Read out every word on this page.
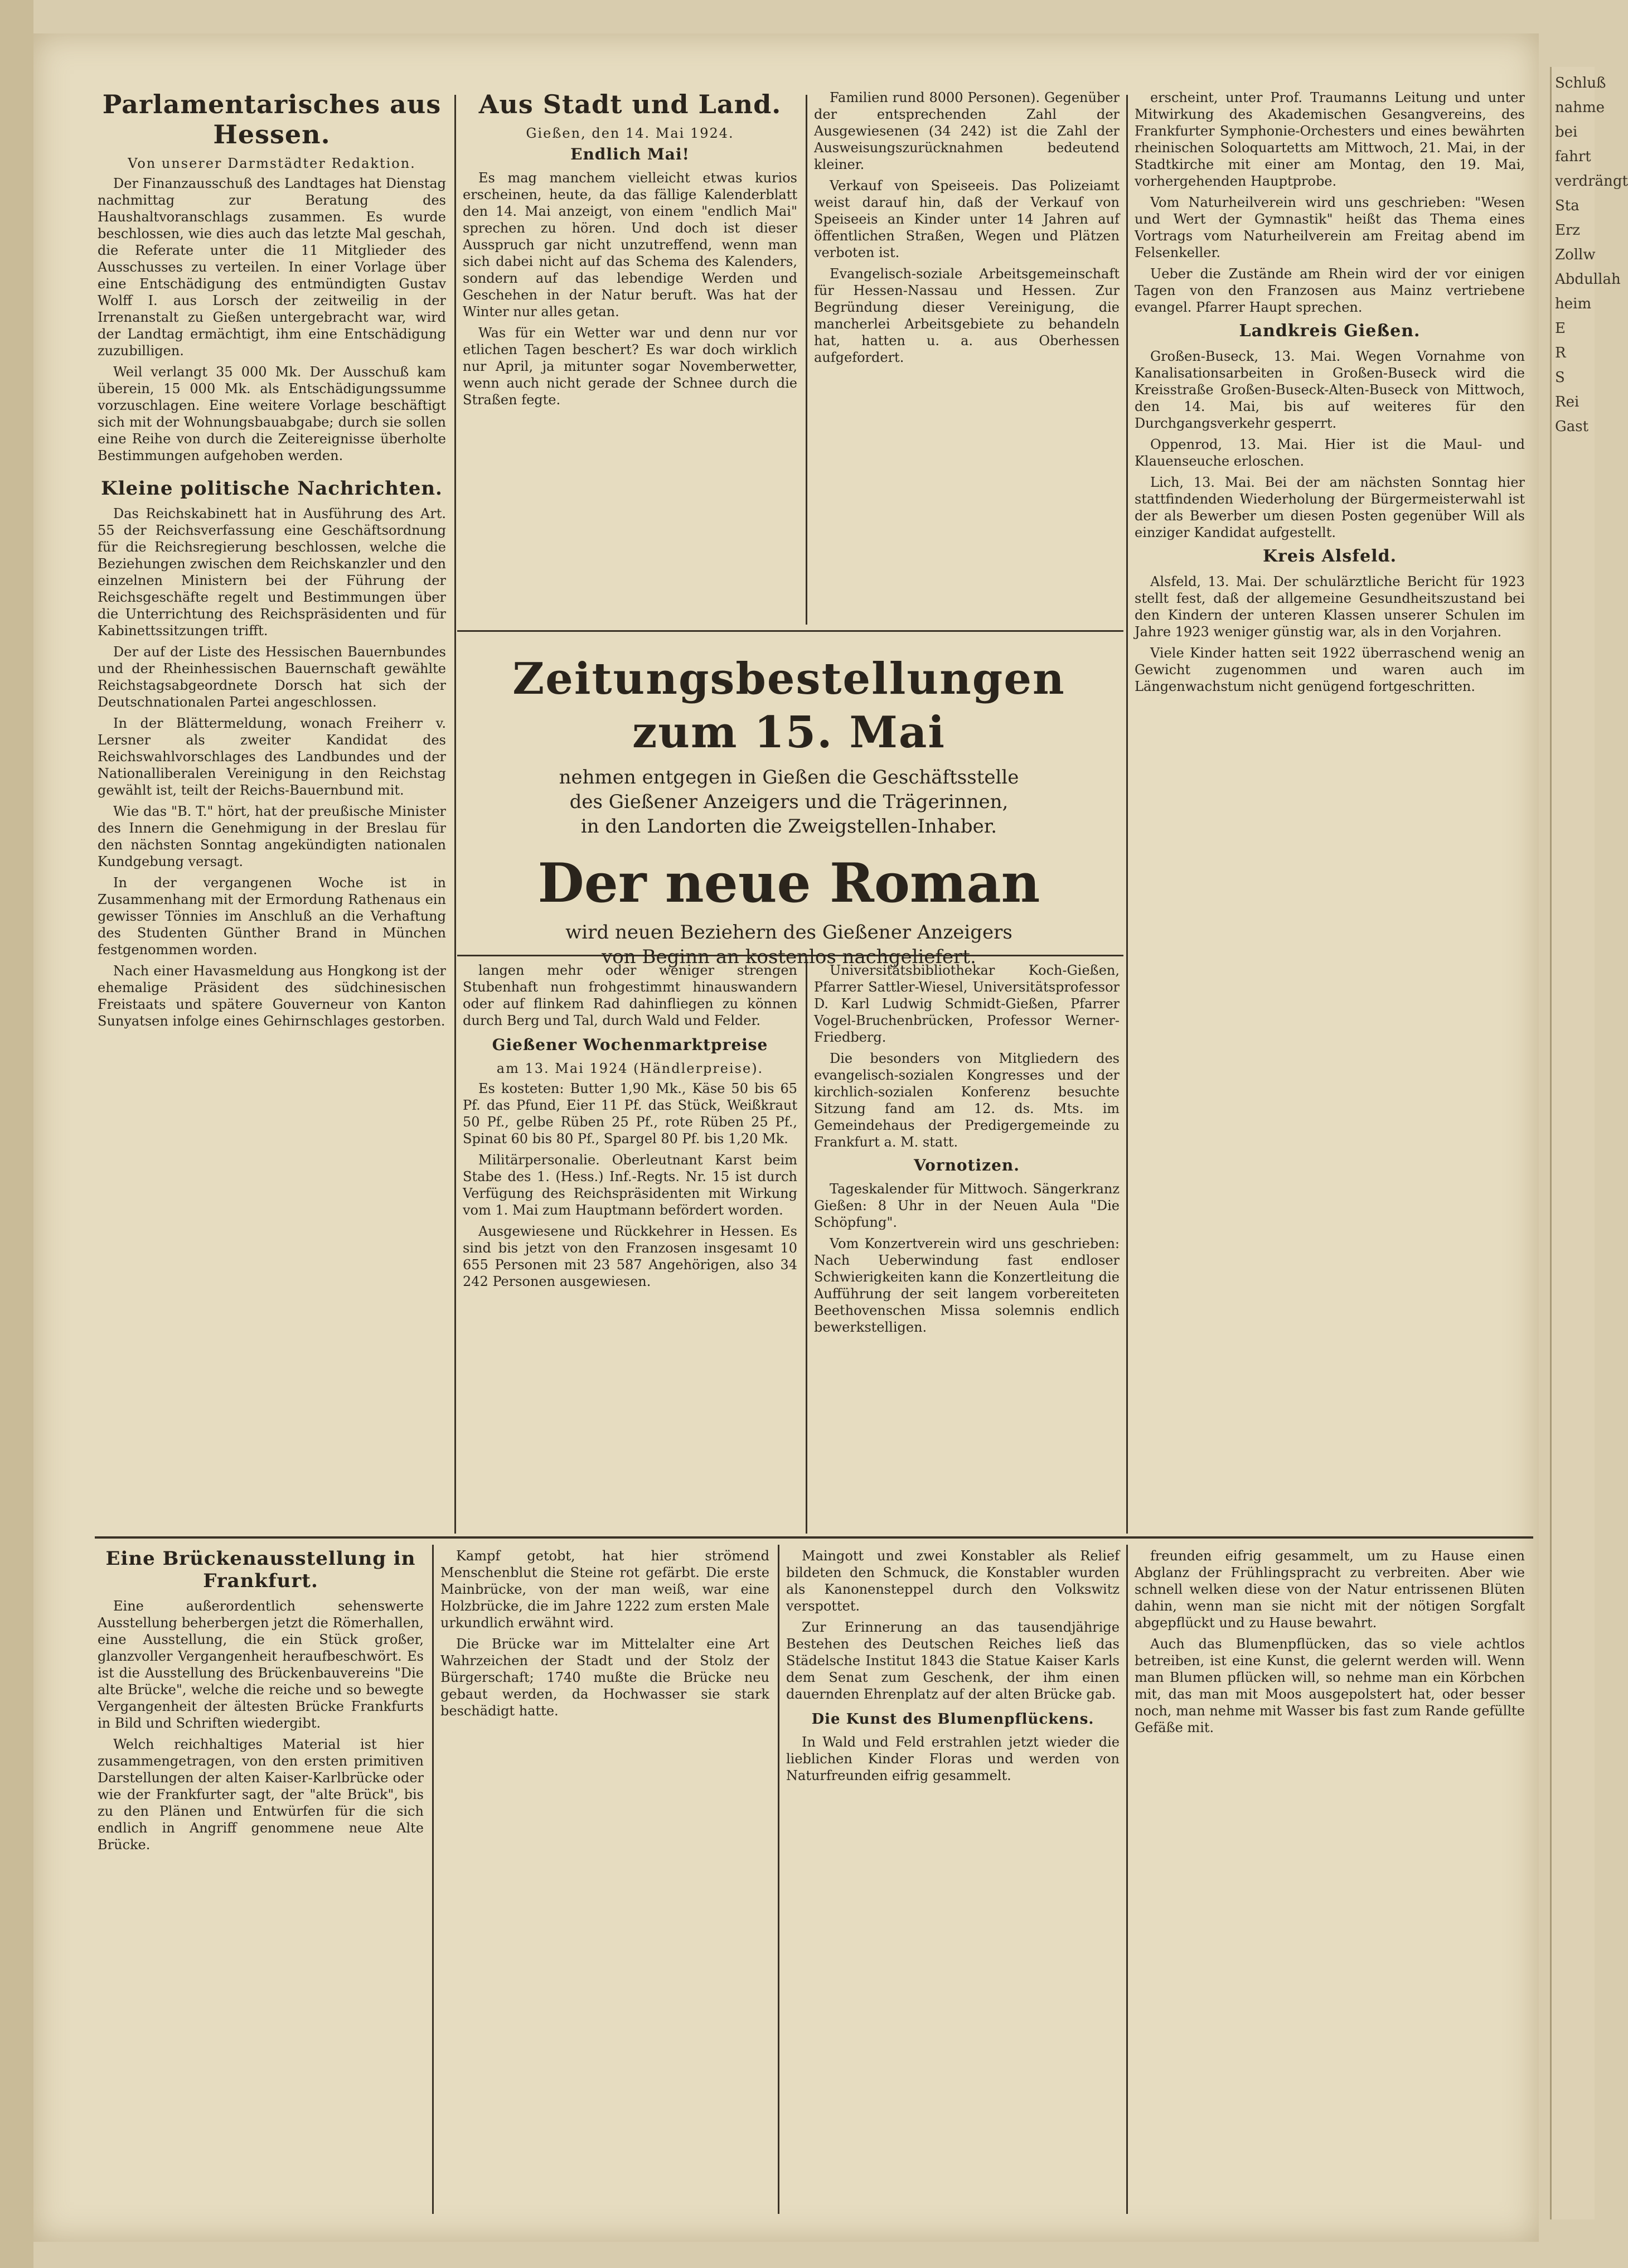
Parlamentarisches aus Hessen.
Von unserer Darmstädter Redaktion.

Der Finanzausschuß des Landtages hat Dienstag nachmittag zur Beratung des Haushaltvoranschlags zusammen. Es wurde beschlossen, wie dies auch das letzte Mal geschah, die Referate unter die 11 Mitglieder des Ausschusses zu verteilen. In einer Vorlage über eine Entschädigung des entmündigten Gustav Wolff I. aus Lorsch der zeitweilig in der Irrenanstalt zu Gießen untergebracht war, wird der Landtag ermächtigt, ihm eine Entschädigung zuzubilligen.

Weil verlangt 35 000 Mk. Der Ausschuß kam überein, 15 000 Mk. als Entschädigungssumme vorzuschlagen. Eine weitere Vorlage beschäftigt sich mit der Wohnungsbauabgabe; durch sie sollen eine Reihe von durch die Zeitereignisse überholte Bestimmungen aufgehoben werden.

Kleine politische Nachrichten.

Das Reichskabinett hat in Ausführung des Art. 55 der Reichsverfassung eine Geschäftsordnung für die Reichsregierung beschlossen, welche die Beziehungen zwischen dem Reichskanzler und den einzelnen Ministern bei der Führung der Reichsgeschäfte regelt und Bestimmungen über die Unterrichtung des Reichspräsidenten und für Kabinettssitzungen trifft.

Der auf der Liste des Hessischen Bauernbundes und der Rheinhessischen Bauernschaft gewählte Reichstagsabgeordnete Dorsch hat sich der Deutschnationalen Partei angeschlossen.

In der Blättermeldung, wonach Freiherr v. Lersner als zweiter Kandidat des Reichswahlvorschlages des Landbundes und der Nationalliberalen Vereinigung in den Reichstag gewählt ist, teilt der Reichs-Bauernbund mit.

Wie das "B. T." hört, hat der preußische Minister des Innern die Genehmigung in der Breslau für den nächsten Sonntag angekündigten nationalen Kundgebung versagt.

In der vergangenen Woche ist in Zusammenhang mit der Ermordung Rathenaus ein gewisser Tönnies im Anschluß an die Verhaftung des Studenten Günther Brand in München festgenommen worden.

Nach einer Havasmeldung aus Hongkong ist der ehemalige Präsident des südchinesischen Freistaats und spätere Gouverneur von Kanton Sunyatsen infolge eines Gehirnschlages gestorben.

Aus Stadt und Land.
Gießen, den 14. Mai 1924.
Endlich Mai!

Es mag manchem vielleicht etwas kurios erscheinen, heute, da das fällige Kalenderblatt den 14. Mai anzeigt, von einem "endlich Mai" sprechen zu hören. Und doch ist dieser Ausspruch gar nicht unzutreffend, wenn man sich dabei nicht auf das Schema des Kalenders, sondern auf das lebendige Werden und Geschehen in der Natur beruft. Was hat der Winter nur alles getan.

Was für ein Wetter war und denn nur vor etlichen Tagen beschert? Es war doch wirklich nur April, ja mitunter sogar Novemberwetter, wenn auch nicht gerade der Schnee durch die Straßen fegte.

Familien rund 8000 Personen). Gegenüber der entsprechenden Zahl der Ausgewiesenen (34 242) ist die Zahl der Ausweisungszurücknahmen bedeutend kleiner.

Verkauf von Speiseeis. Das Polizeiamt weist darauf hin, daß der Verkauf von Speiseeis an Kinder unter 14 Jahren auf öffentlichen Straßen, Wegen und Plätzen verboten ist.

Evangelisch-soziale Arbeitsgemeinschaft für Hessen-Nassau und Hessen. Zur Begründung dieser Vereinigung, die mancherlei Arbeitsgebiete zu behandeln hat, hatten u. a. aus Oberhessen aufgefordert.

Zeitungsbestellungen zum 15. Mai
nehmen entgegen in Gießen die Geschäftsstelle
des Gießener Anzeigers und die Trägerinnen,
in den Landorten die Zweigstellen-Inhaber.
Der neue Roman
wird neuen Beziehern des Gießener Anzeigers
von Beginn an kostenlos nachgeliefert.

erscheint, unter Prof. Traumanns Leitung und unter Mitwirkung des Akademischen Gesangvereins, des Frankfurter Symphonie-Orchesters und eines bewährten rheinischen Soloquartetts am Mittwoch, 21. Mai, in der Stadtkirche mit einer am Montag, den 19. Mai, vorhergehenden Hauptprobe.

Vom Naturheilverein wird uns geschrieben: "Wesen und Wert der Gymnastik" heißt das Thema eines Vortrags vom Naturheilverein am Freitag abend im Felsenkeller.

Ueber die Zustände am Rhein wird der vor einigen Tagen von den Franzosen aus Mainz vertriebene evangel. Pfarrer Haupt sprechen.

Landkreis Gießen.

Großen-Buseck, 13. Mai. Wegen Vornahme von Kanalisationsarbeiten in Großen-Buseck wird die Kreisstraße Großen-Buseck-Alten-Buseck von Mittwoch, den 14. Mai, bis auf weiteres für den Durchgangsverkehr gesperrt.

Oppenrod, 13. Mai. Hier ist die Maul- und Klauenseuche erloschen.

Lich, 13. Mai. Bei der am nächsten Sonntag hier stattfindenden Wiederholung der Bürgermeisterwahl ist der als Bewerber um diesen Posten gegenüber Will als einziger Kandidat aufgestellt.

Kreis Alsfeld.

Alsfeld, 13. Mai. Der schulärztliche Bericht für 1923 stellt fest, daß der allgemeine Gesundheitszustand bei den Kindern der unteren Klassen unserer Schulen im Jahre 1923 weniger günstig war, als in den Vorjahren.

Viele Kinder hatten seit 1922 überraschend wenig an Gewicht zugenommen und waren auch im Längenwachstum nicht genügend fortgeschritten.

langen mehr oder weniger strengen Stubenhaft nun frohgestimmt hinauswandern oder auf flinkem Rad dahinfliegen zu können durch Berg und Tal, durch Wald und Felder.

Gießener Wochenmarktpreise
am 13. Mai 1924 (Händlerpreise).

Es kosteten: Butter 1,90 Mk., Käse 50 bis 65 Pf. das Pfund, Eier 11 Pf. das Stück, Weißkraut 50 Pf., gelbe Rüben 25 Pf., rote Rüben 25 Pf., Spinat 60 bis 80 Pf., Spargel 80 Pf. bis 1,20 Mk.

Militärpersonalie. Oberleutnant Karst beim Stabe des 1. (Hess.) Inf.-Regts. Nr. 15 ist durch Verfügung des Reichspräsidenten mit Wirkung vom 1. Mai zum Hauptmann befördert worden.

Ausgewiesene und Rückkehrer in Hessen. Es sind bis jetzt von den Franzosen insgesamt 10 655 Personen mit 23 587 Angehörigen, also 34 242 Personen ausgewiesen.

Universitätsbibliothekar Koch-Gießen, Pfarrer Sattler-Wiesel, Universitätsprofessor D. Karl Ludwig Schmidt-Gießen, Pfarrer Vogel-Bruchenbrücken, Professor Werner-Friedberg.

Die besonders von Mitgliedern des evangelisch-sozialen Kongresses und der kirchlich-sozialen Konferenz besuchte Sitzung fand am 12. ds. Mts. im Gemeindehaus der Predigergemeinde zu Frankfurt a. M. statt.

Vornotizen.

Tageskalender für Mittwoch. Sängerkranz Gießen: 8 Uhr in der Neuen Aula "Die Schöpfung".

Vom Konzertverein wird uns geschrieben: Nach Ueberwindung fast endloser Schwierigkeiten kann die Konzertleitung die Aufführung der seit langem vorbereiteten Beethovenschen Missa solemnis endlich bewerkstelligen.

Eine Brückenausstellung in Frankfurt.

Eine außerordentlich sehenswerte Ausstellung beherbergen jetzt die Römerhallen, eine Ausstellung, die ein Stück großer, glanzvoller Vergangenheit heraufbeschwört. Es ist die Ausstellung des Brückenbauvereins "Die alte Brücke", welche die reiche und so bewegte Vergangenheit der ältesten Brücke Frankfurts in Bild und Schriften wiedergibt.

Welch reichhaltiges Material ist hier zusammengetragen, von den ersten primitiven Darstellungen der alten Kaiser-Karlbrücke oder wie der Frankfurter sagt, der "alte Brück", bis zu den Plänen und Entwürfen für die sich endlich in Angriff genommene neue Alte Brücke.

Kampf getobt, hat hier strömend Menschenblut die Steine rot gefärbt. Die erste Mainbrücke, von der man weiß, war eine Holzbrücke, die im Jahre 1222 zum ersten Male urkundlich erwähnt wird.

Die Brücke war im Mittelalter eine Art Wahrzeichen der Stadt und der Stolz der Bürgerschaft; 1740 mußte die Brücke neu gebaut werden, da Hochwasser sie stark beschädigt hatte.

Maingott und zwei Konstabler als Relief bildeten den Schmuck, die Konstabler wurden als Kanonensteppel durch den Volkswitz verspottet.

Zur Erinnerung an das tausendjährige Bestehen des Deutschen Reiches ließ das Städelsche Institut 1843 die Statue Kaiser Karls dem Senat zum Geschenk, der ihm einen dauernden Ehrenplatz auf der alten Brücke gab.

Die Kunst des Blumenpflückens.

In Wald und Feld erstrahlen jetzt wieder die lieblichen Kinder Floras und werden von Naturfreunden eifrig gesammelt.

freunden eifrig gesammelt, um zu Hause einen Abglanz der Frühlingspracht zu verbreiten. Aber wie schnell welken diese von der Natur entrissenen Blüten dahin, wenn man sie nicht mit der nötigen Sorgfalt abgepflückt und zu Hause bewahrt.

Auch das Blumenpflücken, das so viele achtlos betreiben, ist eine Kunst, die gelernt werden will. Wenn man Blumen pflücken will, so nehme man ein Körbchen mit, das man mit Moos ausgepolstert hat, oder besser noch, man nehme mit Wasser bis fast zum Rande gefüllte Gefäße mit.

Schluß
nahme
bei
fahrt
verdrängt
Sta
Erz
Zollw
Abdullah
heim
E
R
S
Rei
Gast
